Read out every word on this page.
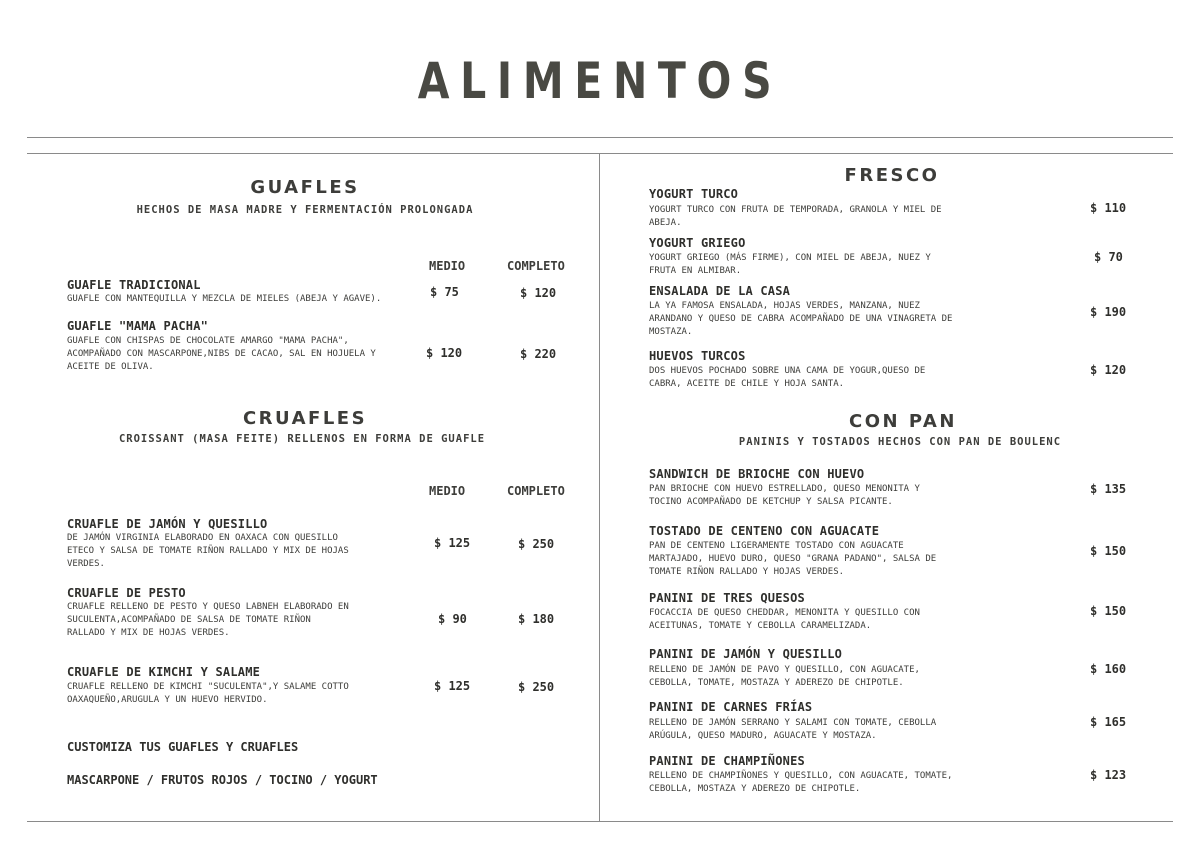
ALIMENTOS
GUAFLES
HECHOS DE MASA MADRE Y FERMENTACIÓN PROLONGADA
MEDIO	COMPLETO
GUAFLE TRADICIONAL
GUAFLE CON MANTEQUILLA Y MEZCLA DE MIELES (ABEJA Y AGAVE).	$ 75	$ 120
GUAFLE "MAMA PACHA"
GUAFLE CON CHISPAS DE CHOCOLATE AMARGO "MAMA PACHA",
ACOMPAÑADO CON MASCARPONE,NIBS DE CACAO, SAL EN HOJUELA Y
ACEITE DE OLIVA.
$ 120	$ 220
CRUAFLES
CROISSANT (MASA FEITE) RELLENOS EN FORMA DE GUAFLE
MEDIO	COMPLETO
CRUAFLE DE JAMÓN Y QUESILLO
DE JAMÓN VIRGINIA ELABORADO EN OAXACA CON QUESILLO
ETECO Y SALSA DE TOMATE RIÑON RALLADO Y MIX DE HOJAS
VERDES.
$ 125	$ 250
CRUAFLE DE PESTO
CRUAFLE RELLENO DE PESTO Y QUESO LABNEH ELABORADO EN
SUCULENTA,ACOMPAÑADO DE SALSA DE TOMATE RIÑON
RALLADO Y MIX DE HOJAS VERDES.
$ 90	$ 180
CRUAFLE DE KIMCHI Y SALAME
CRUAFLE RELLENO DE KIMCHI "SUCULENTA",Y SALAME COTTO
OAXAQUEÑO,ARUGULA Y UN HUEVO HERVIDO.
$ 125	$ 250
CUSTOMIZA TUS GUAFLES Y CRUAFLES
MASCARPONE / FRUTOS ROJOS / TOCINO / YOGURT
FRESCO
YOGURT TURCO
YOGURT TURCO CON FRUTA DE TEMPORADA, GRANOLA Y MIEL DE
ABEJA.
$ 110
YOGURT GRIEGO
YOGURT GRIEGO (MÁS FIRME), CON MIEL DE ABEJA, NUEZ Y
FRUTA EN ALMIBAR.
$ 70
ENSALADA DE LA CASA
LA YA FAMOSA ENSALADA, HOJAS VERDES, MANZANA, NUEZ
ARANDANO Y QUESO DE CABRA ACOMPAÑADO DE UNA VINAGRETA DE
MOSTAZA.
$ 190
HUEVOS TURCOS
DOS HUEVOS POCHADO SOBRE UNA CAMA DE YOGUR,QUESO DE
CABRA, ACEITE DE CHILE Y HOJA SANTA.
$ 120
CON PAN
PANINIS Y TOSTADOS HECHOS CON PAN DE BOULENC
SANDWICH DE BRIOCHE CON HUEVO
PAN BRIOCHE CON HUEVO ESTRELLADO, QUESO MENONITA Y
TOCINO ACOMPAÑADO DE KETCHUP Y SALSA PICANTE.
$ 135
TOSTADO DE CENTENO CON AGUACATE
PAN DE CENTENO LIGERAMENTE TOSTADO CON AGUACATE
MARTAJADO, HUEVO DURO, QUESO "GRANA PADANO", SALSA DE
TOMATE RIÑON RALLADO Y HOJAS VERDES.
$ 150
PANINI DE TRES QUESOS
FOCACCIA DE QUESO CHEDDAR, MENONITA Y QUESILLO CON
ACEITUNAS, TOMATE Y CEBOLLA CARAMELIZADA.
$ 150
PANINI DE JAMÓN Y QUESILLO
RELLENO DE JAMÓN DE PAVO Y QUESILLO, CON AGUACATE,
CEBOLLA, TOMATE, MOSTAZA Y ADEREZO DE CHIPOTLE.
$ 160
PANINI DE CARNES FRÍAS
RELLENO DE JAMÓN SERRANO Y SALAMI CON TOMATE, CEBOLLA
ARÚGULA, QUESO MADURO, AGUACATE Y MOSTAZA.
$ 165
PANINI DE CHAMPIÑONES
RELLENO DE CHAMPIÑONES Y QUESILLO, CON AGUACATE, TOMATE,
CEBOLLA, MOSTAZA Y ADEREZO DE CHIPOTLE.
$ 123
